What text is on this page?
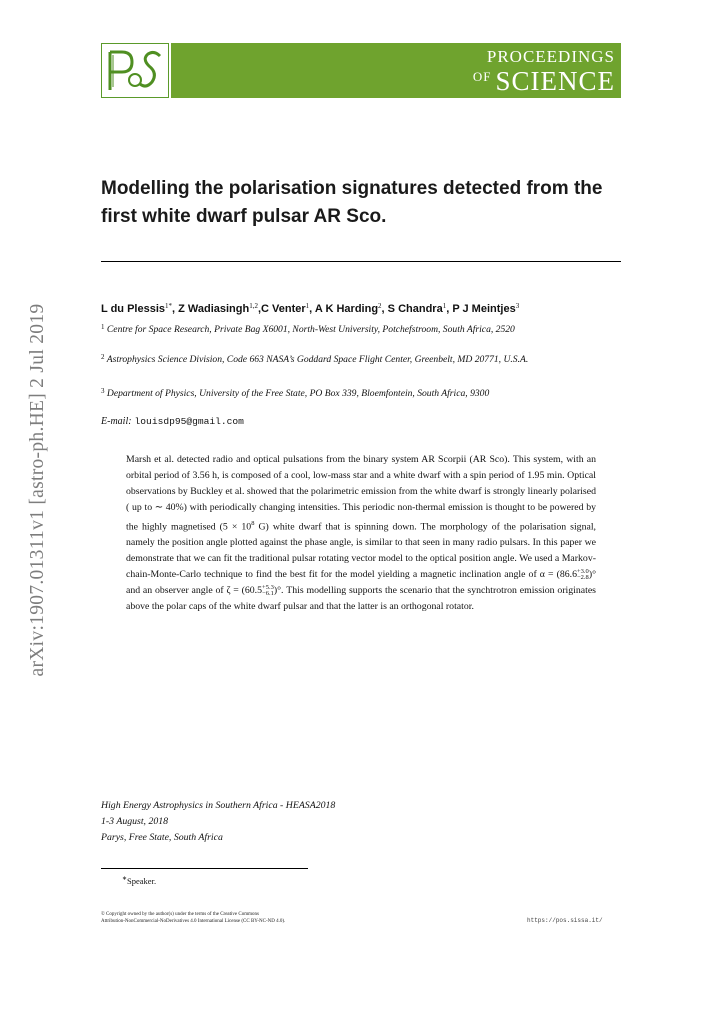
PROCEEDINGS
$^{OF}$ SCIENCE
arXiv:1907.01311v1 [astro-ph.HE] 2 Jul 2019
Modelling the polarisation signatures detected from the first white dwarf pulsar AR Sco.
L du Plessis$^{1*}$, Z Wadiasingh$^{1,2}$,C Venter$^1$, A K Harding$^2$, S Chandra$^1$, P J Meintjes$^3$
$^1$ Centre for Space Research, Private Bag X6001, North-West University, Potchefstroom, South Africa, 2520
$^2$ Astrophysics Science Division, Code 663 NASA’s Goddard Space Flight Center, Greenbelt, MD 20771, U.S.A.
$^3$ Department of Physics, University of the Free State, PO Box 339, Bloemfontein, South Africa, 9300
E-mail: louisdp95@gmail.com
Marsh et al. detected radio and optical pulsations from the binary system AR Scorpii (AR Sco). This system, with an orbital period of 3.56 h, is composed of a cool, low-mass star and a white dwarf with a spin period of 1.95 min. Optical observations by Buckley et al. showed that the polarimetric emission from the white dwarf is strongly linearly polarised ( up to ∼ 40%) with periodically changing intensities. This periodic non-thermal emission is thought to be powered by the highly magnetised ($5 \times 10^8$ G) white dwarf that is spinning down. The morphology of the polarisation signal, namely the position angle plotted against the phase angle, is similar to that seen in many radio pulsars. In this paper we demonstrate that we can fit the traditional pulsar rotating vector model to the optical position angle. We used a Markov-chain-Monte-Carlo technique to find the best fit for the model yielding a magnetic inclination angle of α = (86.6 +3.0
−2.8 )° and an observer angle of ζ = (60.5 +5.3
−6.1 )°. This modelling supports the scenario that the synchtrotron emission originates above the polar caps of the white dwarf pulsar and that the latter is an orthogonal rotator.
High Energy Astrophysics in Southern Africa - HEASA2018
1-3 August, 2018
Parys, Free State, South Africa
∗Speaker.
© Copyright owned by the author(s) under the terms of the Creative Commons
Attribution-NonCommercial-NoDerivatives 4.0 International License (CC BY-NC-ND 4.0).	https://pos.sissa.it/
